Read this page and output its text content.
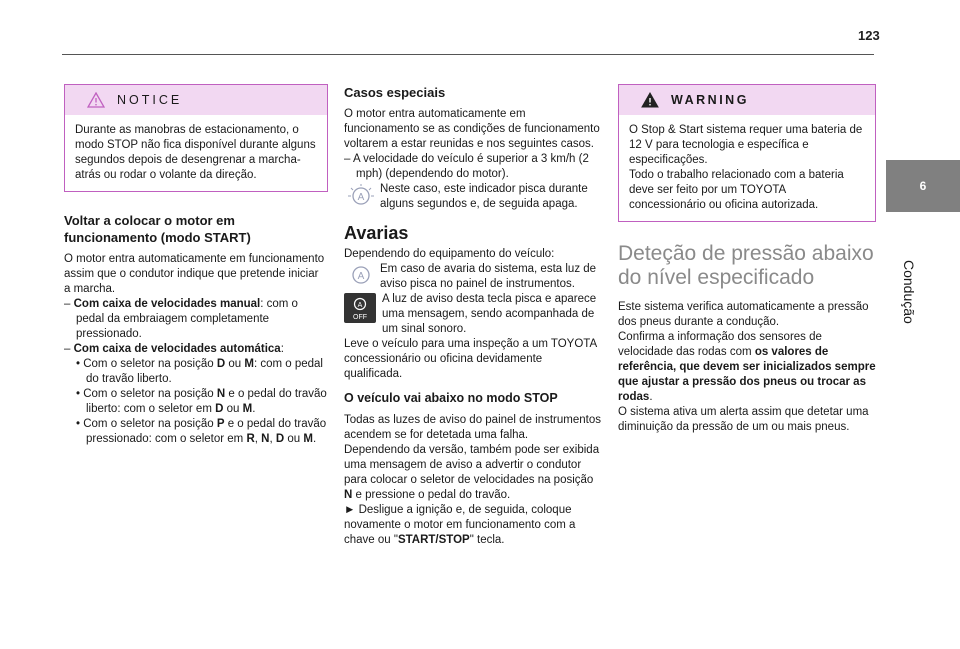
123
6
Condução
NOTICE

Durante as manobras de estacionamento, o modo STOP não fica disponível durante alguns segundos depois de desengrenar a marcha-atrás ou rodar o volante da direção.

Voltar a colocar o motor em funcionamento (modo START)

O motor entra automaticamente em funcionamento assim que o condutor indique que pretende iniciar a marcha.

– Com caixa de velocidades manual: com o pedal da embraiagem completamente pressionado.

– Com caixa de velocidades automática:

• Com o seletor na posição D ou M: com o pedal do travão liberto.

• Com o seletor na posição N e o pedal do travão liberto: com o seletor em D ou M.

• Com o seletor na posição P e o pedal do travão pressionado: com o seletor em R, N, D ou M.

Casos especiais

O motor entra automaticamente em funcionamento se as condições de funcionamento voltarem a estar reunidas e nos seguintes casos.

– A velocidade do veículo é superior a 3 km/h (2 mph) (dependendo do motor).

A

Neste caso, este indicador pisca durante alguns segundos e, de seguida apaga.

Avarias

Dependendo do equipamento do veículo:

A

Em caso de avaria do sistema, esta luz de aviso pisca no painel de instrumentos.

A
OFF

A luz de aviso desta tecla pisca e aparece uma mensagem, sendo acompanhada de um sinal sonoro.

Leve o veículo para uma inspeção a um TOYOTA concessionário ou oficina devidamente qualificada.

O veículo vai abaixo no modo STOP

Todas as luzes de aviso do painel de instrumentos acendem se for detetada uma falha.

Dependendo da versão, também pode ser exibida uma mensagem de aviso a advertir o condutor para colocar o seletor de velocidades na posição N e pressione o pedal do travão.

► Desligue a ignição e, de seguida, coloque novamente o motor em funcionamento com a chave ou "START/STOP" tecla.

WARNING

O Stop & Start sistema requer uma bateria de 12 V para tecnologia e específica e especificações.

Todo o trabalho relacionado com a bateria deve ser feito por um TOYOTA concessionário ou oficina autorizada.

Deteção de pressão abaixo do nível especificado

Este sistema verifica automaticamente a pressão dos pneus durante a condução.

Confirma a informação dos sensores de velocidade das rodas com os valores de referência, que devem ser inicializados sempre que ajustar a pressão dos pneus ou trocar as rodas.

O sistema ativa um alerta assim que detetar uma diminuição da pressão de um ou mais pneus.
